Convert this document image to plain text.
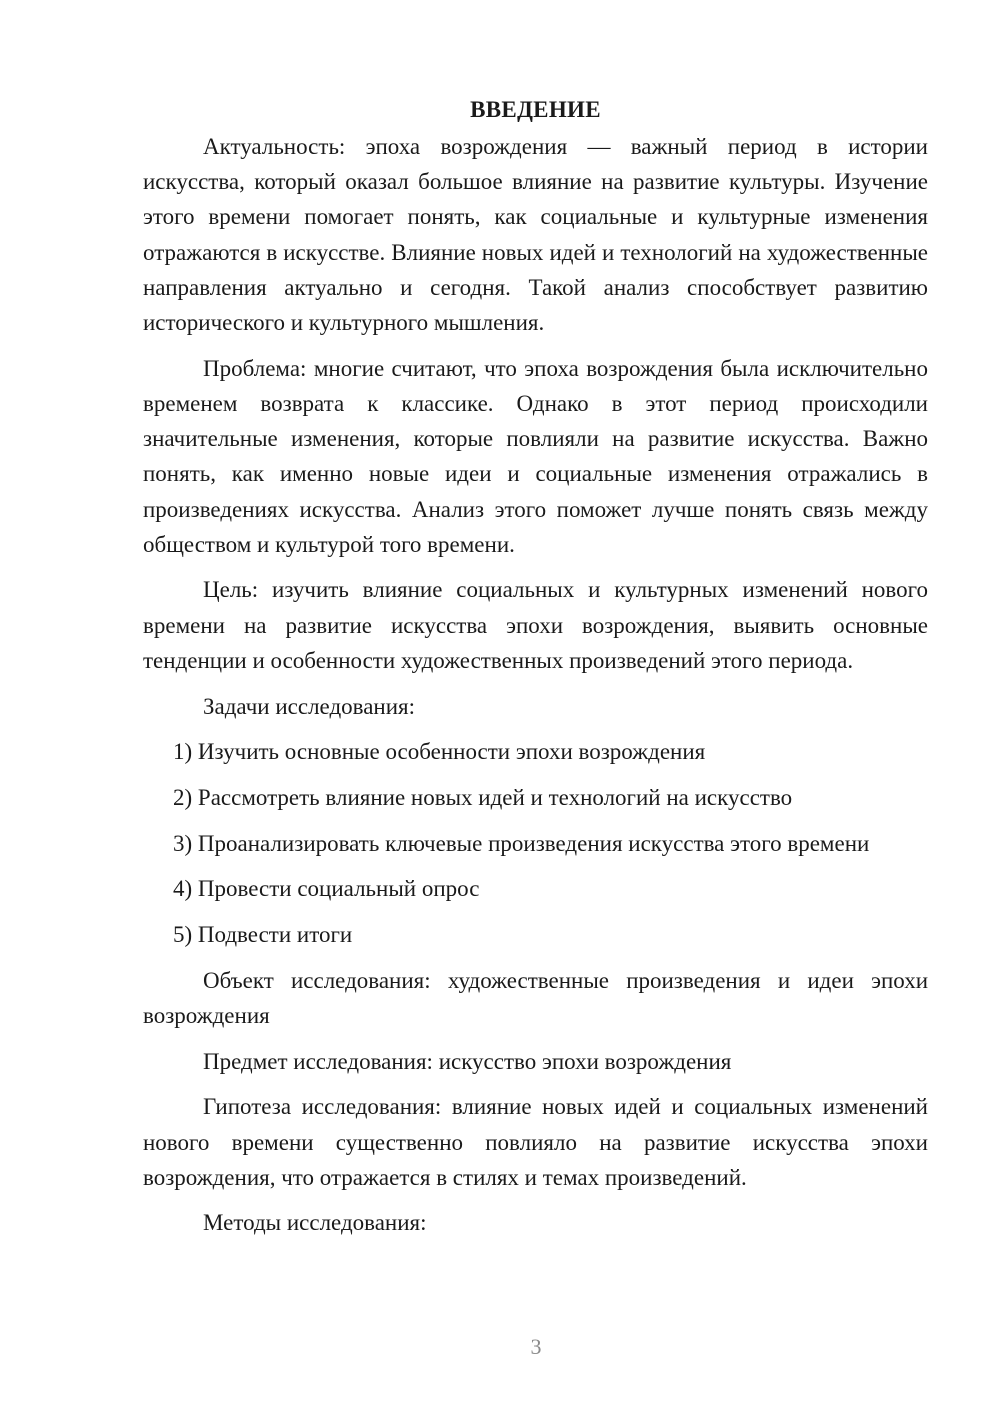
ВВЕДЕНИЕ

Актуальность: эпоха возрождения — важный период в истории искусства, который оказал большое влияние на развитие культуры. Изучение этого времени помогает понять, как социальные и культурные изменения отражаются в искусстве. Влияние новых идей и технологий на художественные направления актуально и сегодня. Такой анализ способствует развитию исторического и культурного мышления.

Проблема: многие считают, что эпоха возрождения была исключительно временем возврата к классике. Однако в этот период происходили значительные изменения, которые повлияли на развитие искусства. Важно понять, как именно новые идеи и социальные изменения отражались в произведениях искусства. Анализ этого поможет лучше понять связь между обществом и культурой того времени.

Цель: изучить влияние социальных и культурных изменений нового времени на развитие искусства эпохи возрождения, выявить основные тенденции и особенности художественных произведений этого периода.

Задачи исследования:

1) Изучить основные особенности эпохи возрождения

2) Рассмотреть влияние новых идей и технологий на искусство

3) Проанализировать ключевые произведения искусства этого времени

4) Провести социальный опрос

5) Подвести итоги

Объект исследования: художественные произведения и идеи эпохи возрождения

Предмет исследования: искусство эпохи возрождения

Гипотеза исследования: влияние новых идей и социальных изменений нового времени существенно повлияло на развитие искусства эпохи возрождения, что отражается в стилях и темах произведений.

Методы исследования:

3
